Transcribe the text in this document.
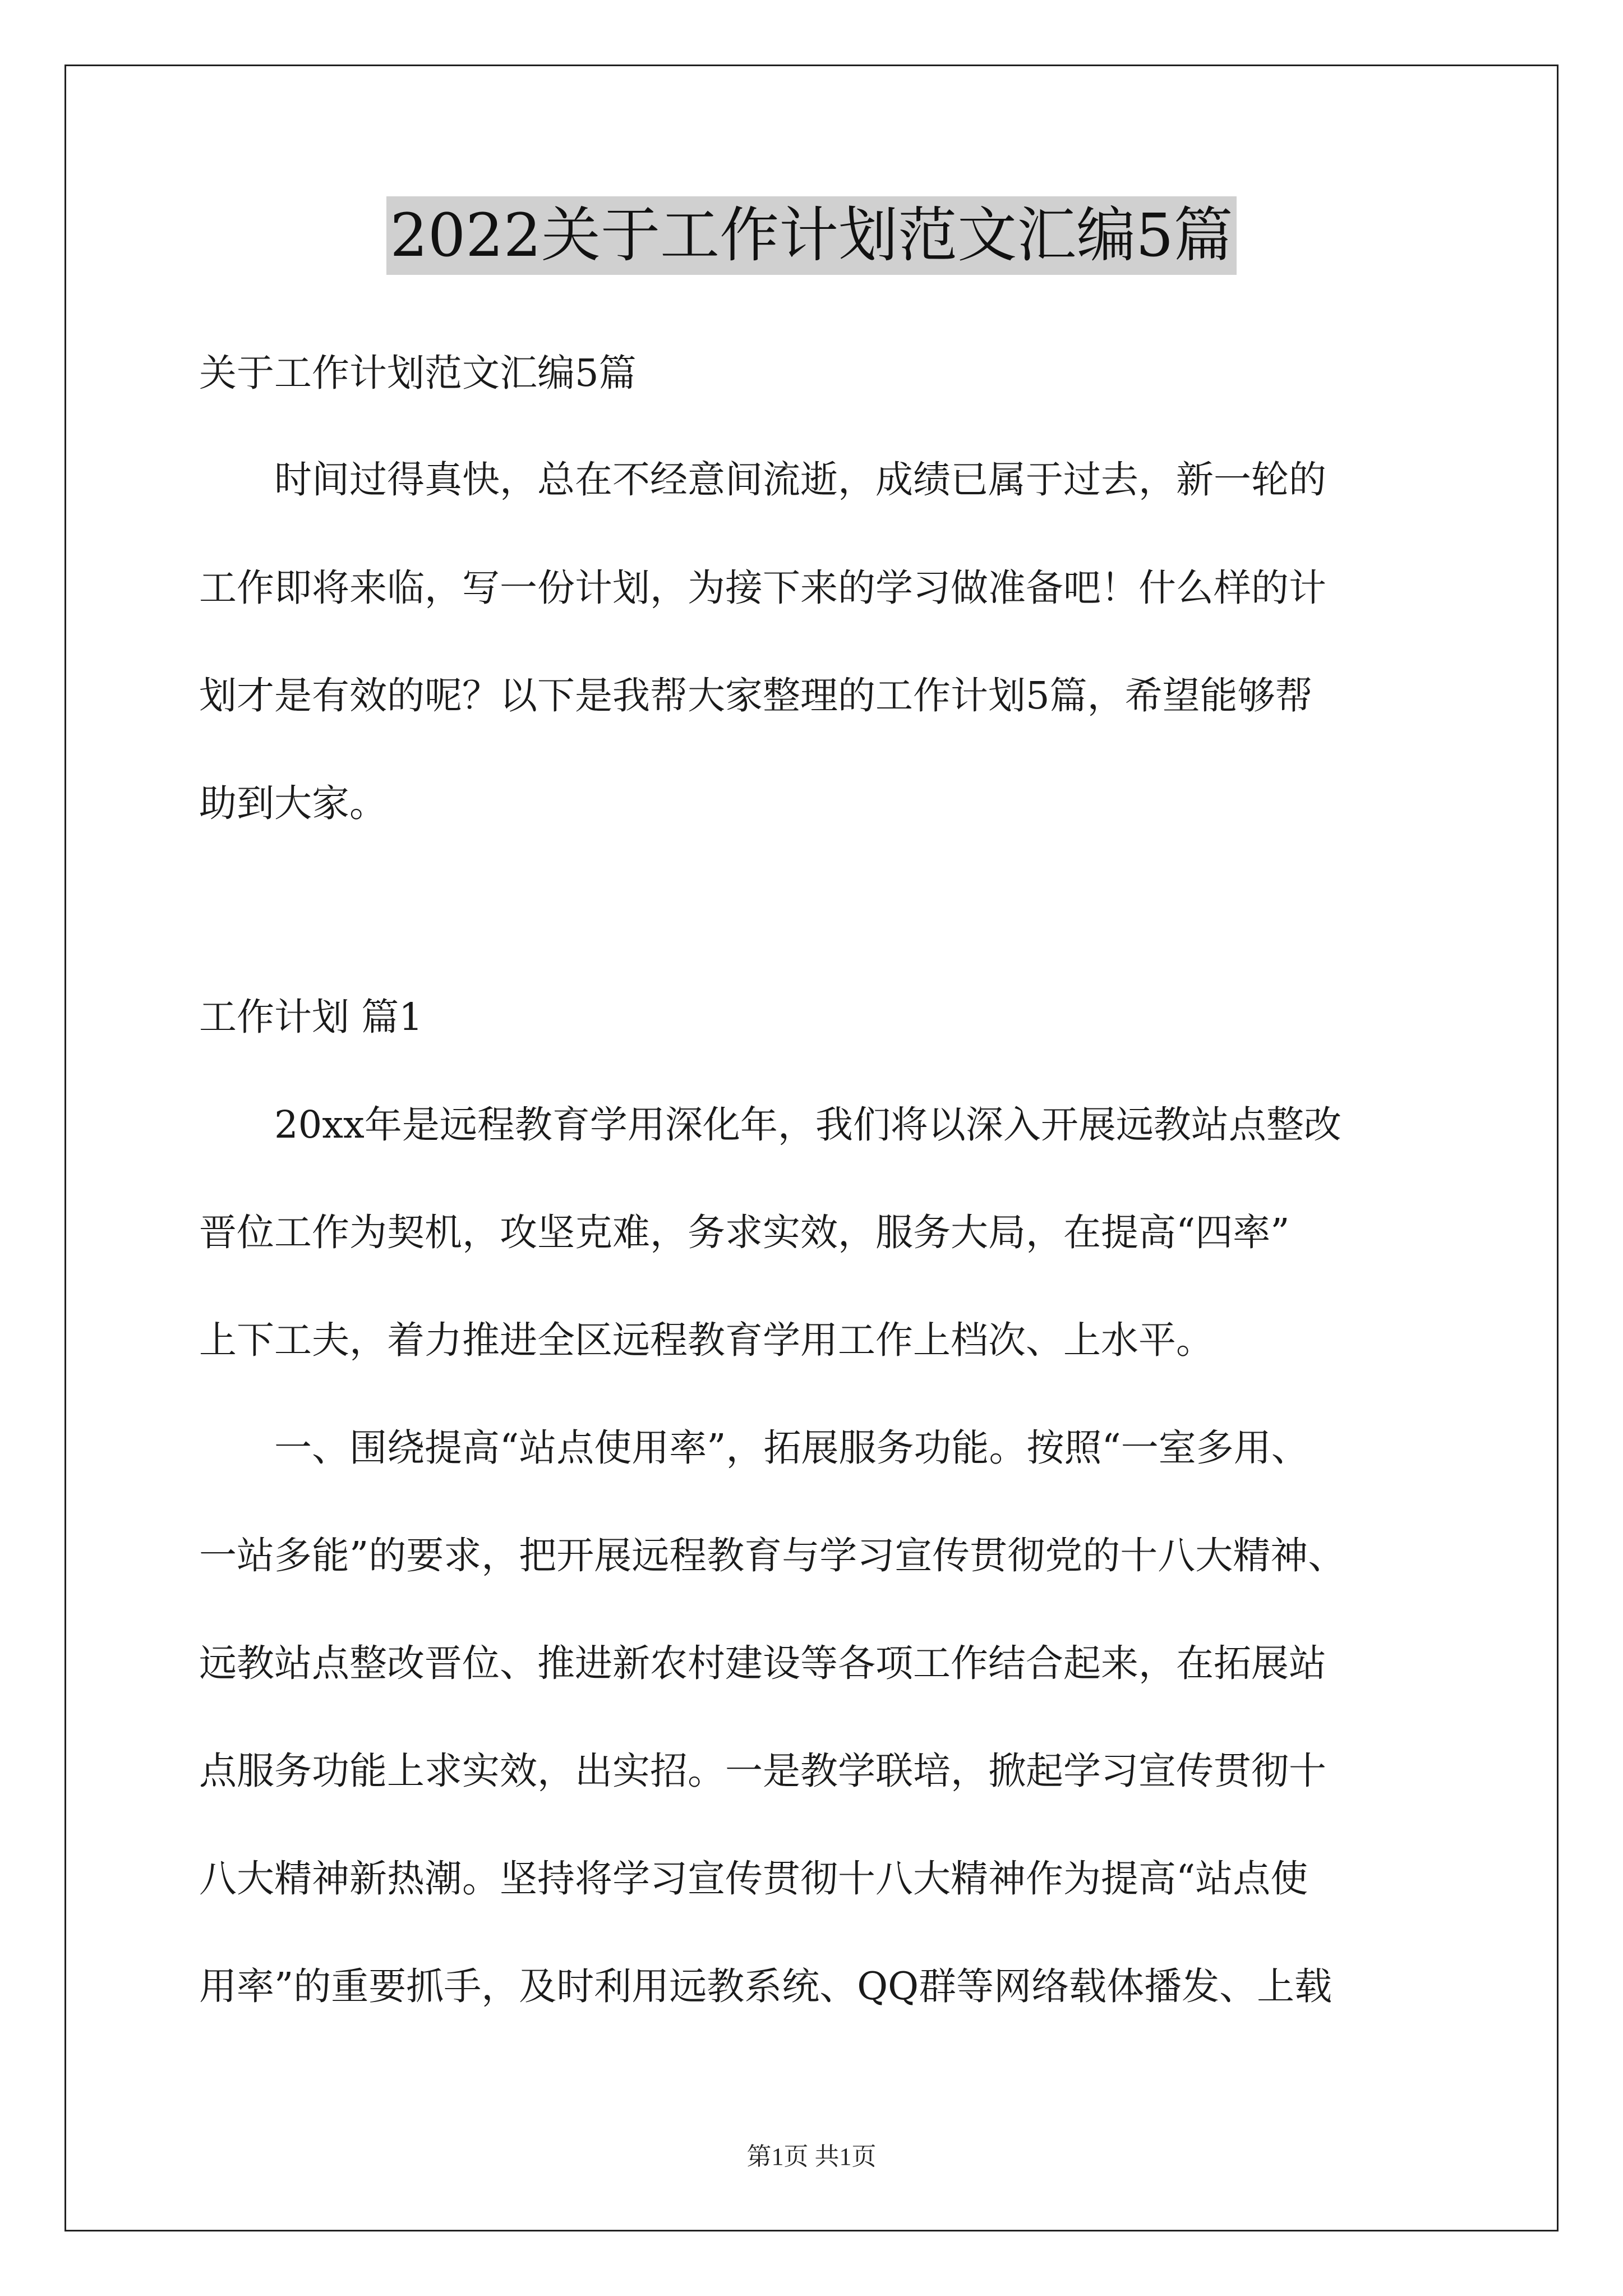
2022关于工作计划范文汇编5篇
关于工作计划范文汇编5篇
时间过得真快，总在不经意间流逝，成绩已属于过去，新一轮的
工作即将来临，写一份计划，为接下来的学习做准备吧！什么样的计
划才是有效的呢？以下是我帮大家整理的工作计划5篇，希望能够帮
助到大家。
工作计划 篇1
20xx年是远程教育学用深化年，我们将以深入开展远教站点整改
晋位工作为契机，攻坚克难，务求实效，服务大局，在提高“四率”
上下工夫，着力推进全区远程教育学用工作上档次、上水平。
一、围绕提高“站点使用率”，拓展服务功能。按照“一室多用、
一站多能”的要求，把开展远程教育与学习宣传贯彻党的十八大精神、
远教站点整改晋位、推进新农村建设等各项工作结合起来，在拓展站
点服务功能上求实效，出实招。一是教学联培，掀起学习宣传贯彻十
八大精神新热潮。坚持将学习宣传贯彻十八大精神作为提高“站点使
用率”的重要抓手，及时利用远教系统、QQ群等网络载体播发、上载
第1页 共1页
